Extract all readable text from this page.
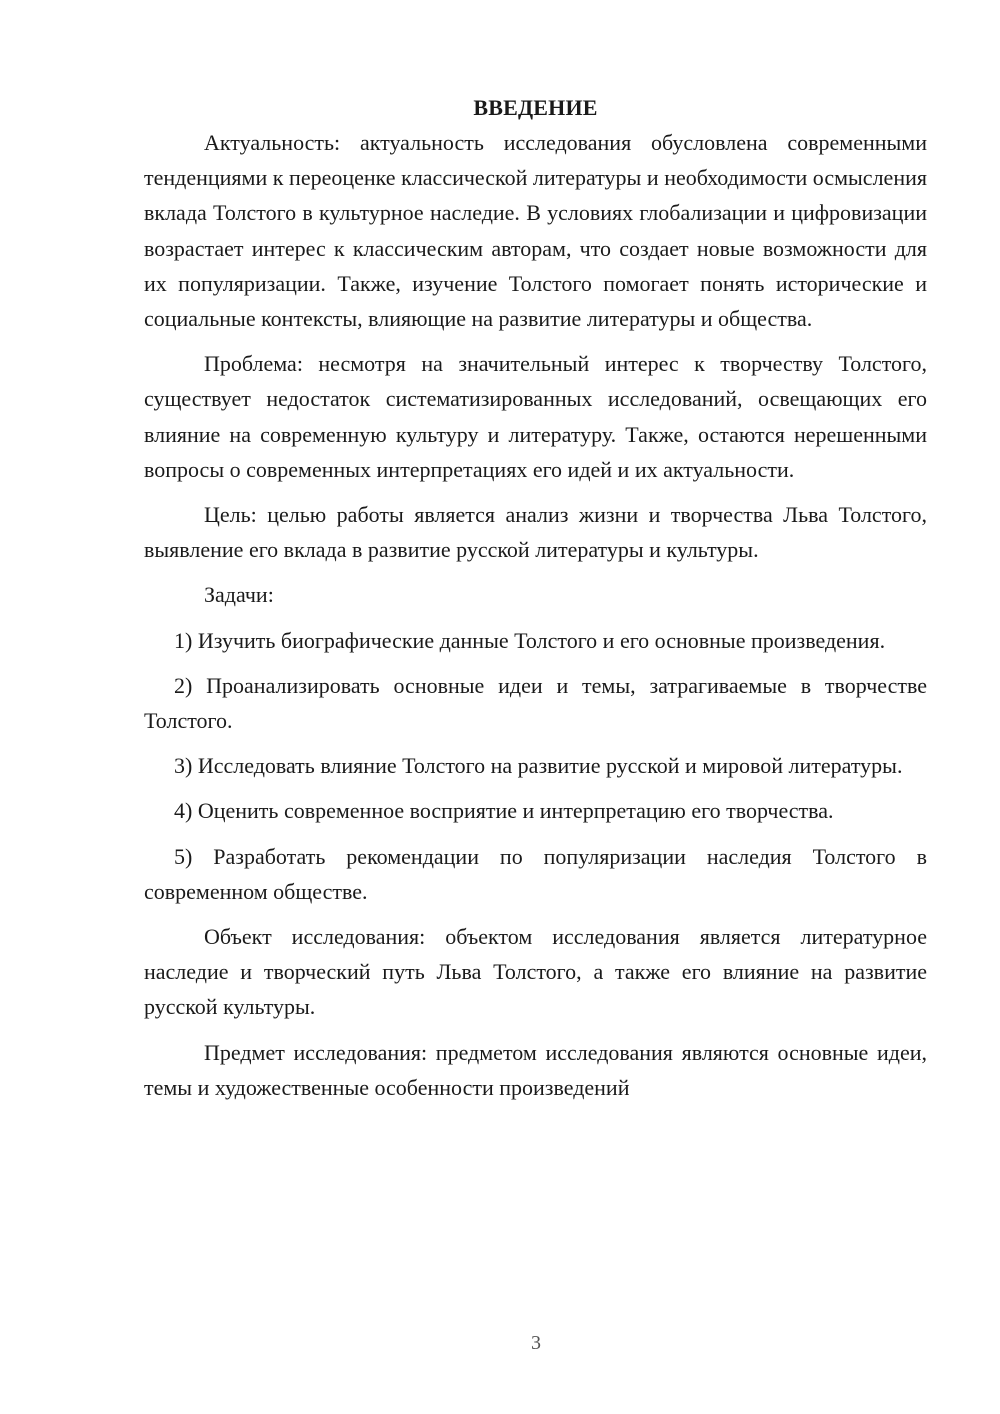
ВВЕДЕНИЕ

Актуальность: актуальность исследования обусловлена современными тенденциями к переоценке классической литературы и необходимости осмысления вклада Толстого в культурное наследие. В условиях глобализации и цифровизации возрастает интерес к классическим авторам, что создает новые возможности для их популяризации. Также, изучение Толстого помогает понять исторические и социальные контексты, влияющие на развитие литературы и общества.

Проблема: несмотря на значительный интерес к творчеству Толстого, существует недостаток систематизированных исследований, освещающих его влияние на современную культуру и литературу. Также, остаются нерешенными вопросы о современных интерпретациях его идей и их актуальности.

Цель: целью работы является анализ жизни и творчества Льва Толстого, выявление его вклада в развитие русской литературы и культуры.

Задачи:

1) Изучить биографические данные Толстого и его основные произведения.

2) Проанализировать основные идеи и темы, затрагиваемые в творчестве Толстого.

3) Исследовать влияние Толстого на развитие русской и мировой литературы.

4) Оценить современное восприятие и интерпретацию его творчества.

5) Разработать рекомендации по популяризации наследия Толстого в современном обществе.

Объект исследования: объектом исследования является литературное наследие и творческий путь Льва Толстого, а также его влияние на развитие русской культуры.

Предмет исследования: предметом исследования являются основные идеи, темы и художественные особенности произведений

3
